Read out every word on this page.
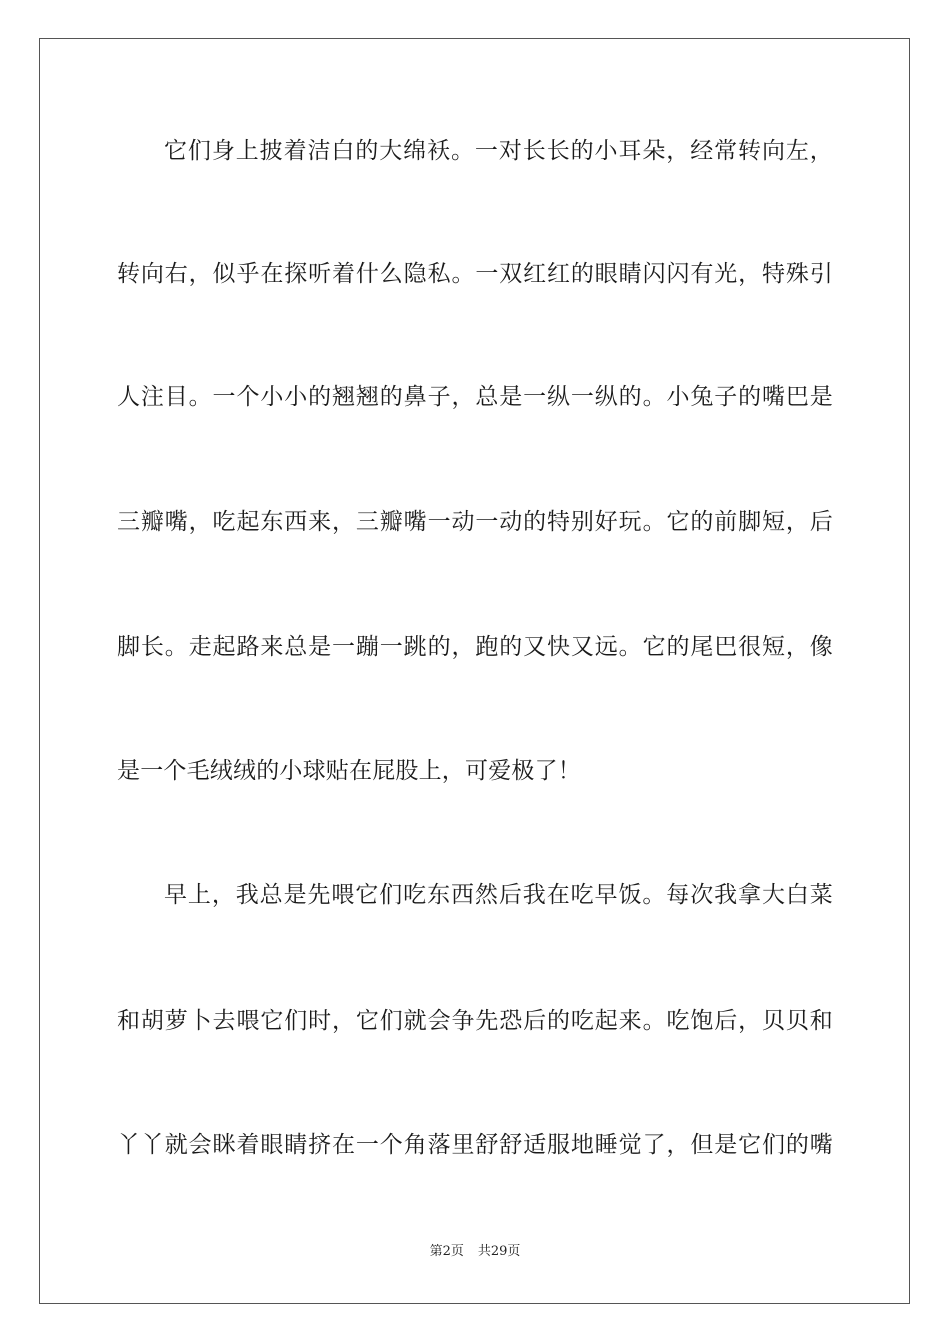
它们身上披着洁白的大绵袄。一对长长的小耳朵，经常转向左，
转向右，似乎在探听着什么隐私。一双红红的眼睛闪闪有光，特殊引
人注目。一个小小的翘翘的鼻子，总是一纵一纵的。小兔子的嘴巴是
三瓣嘴，吃起东西来，三瓣嘴一动一动的特别好玩。它的前脚短，后
脚长。走起路来总是一蹦一跳的，跑的又快又远。它的尾巴很短，像
是一个毛绒绒的小球贴在屁股上，可爱极了！
早上，我总是先喂它们吃东西然后我在吃早饭。每次我拿大白菜
和胡萝卜去喂它们时，它们就会争先恐后的吃起来。吃饱后，贝贝和
丫丫就会眯着眼睛挤在一个角落里舒舒适服地睡觉了，但是它们的嘴
第2页 共29页
